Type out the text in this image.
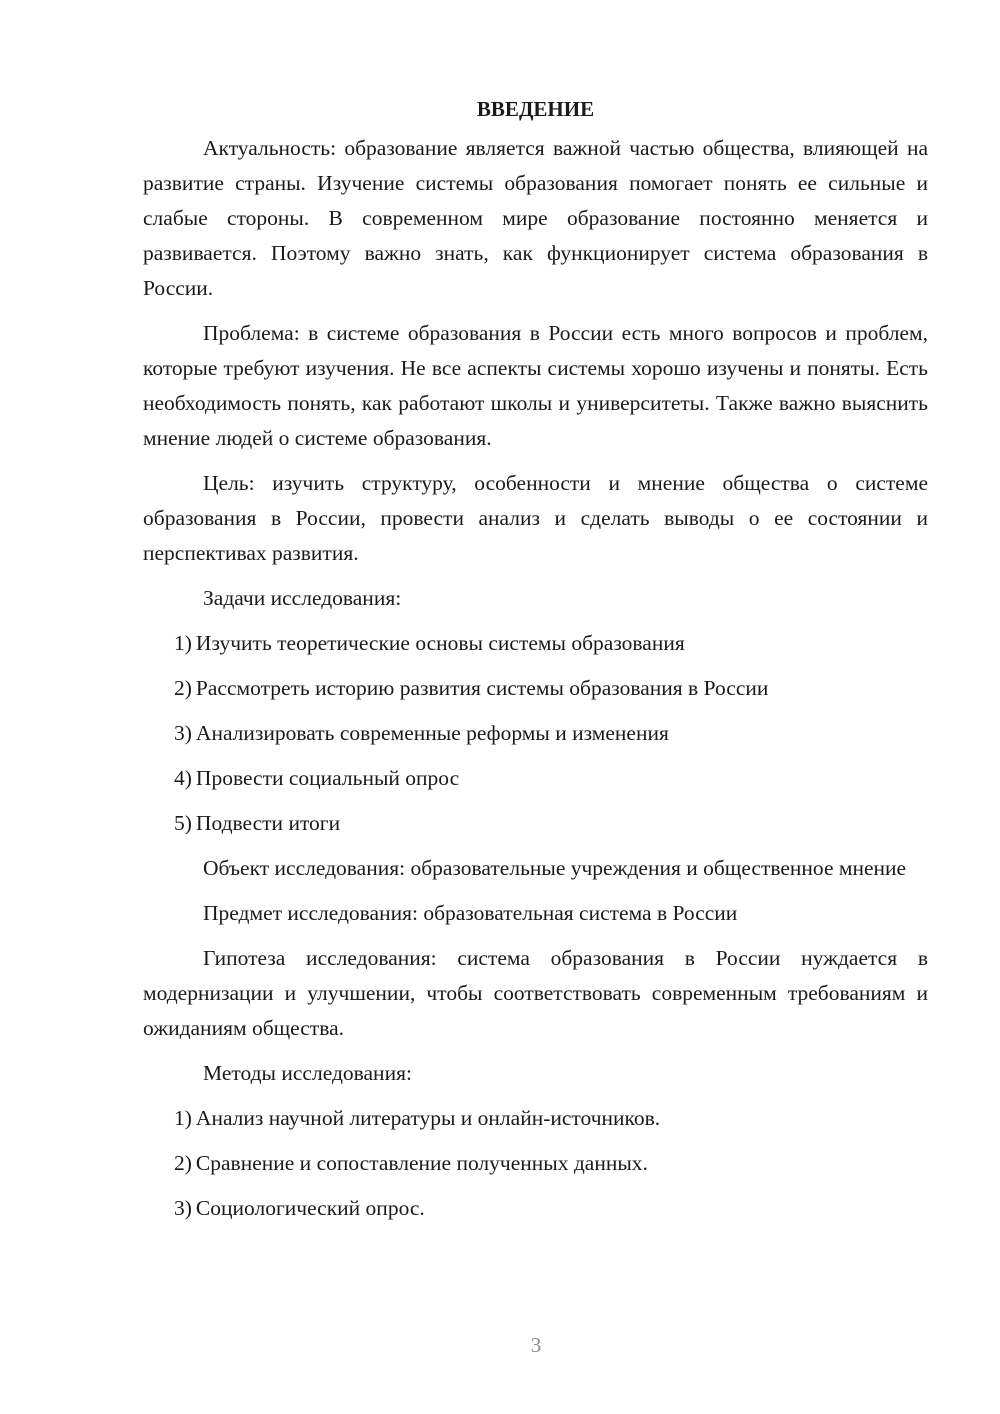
ВВЕДЕНИЕ

Актуальность: образование является важной частью общества, влияющей на развитие страны. Изучение системы образования помогает понять ее сильные и слабые стороны. В современном мире образование постоянно меняется и развивается. Поэтому важно знать, как функционирует система образования в России.

Проблема: в системе образования в России есть много вопросов и проблем, которые требуют изучения. Не все аспекты системы хорошо изучены и поняты. Есть необходимость понять, как работают школы и университеты. Также важно выяснить мнение людей о системе образования.

Цель: изучить структуру, особенности и мнение общества о системе образования в России, провести анализ и сделать выводы о ее состоянии и перспективах развития.

Задачи исследования:

1) Изучить теоретические основы системы образования

2) Рассмотреть историю развития системы образования в России

3) Анализировать современные реформы и изменения

4) Провести социальный опрос

5) Подвести итоги

Объект исследования: образовательные учреждения и общественное мнение

Предмет исследования: образовательная система в России

Гипотеза исследования: система образования в России нуждается в модернизации и улучшении, чтобы соответствовать современным требованиям и ожиданиям общества.

Методы исследования:

1) Анализ научной литературы и онлайн-источников.

2) Сравнение и сопоставление полученных данных.

3) Социологический опрос.

3
